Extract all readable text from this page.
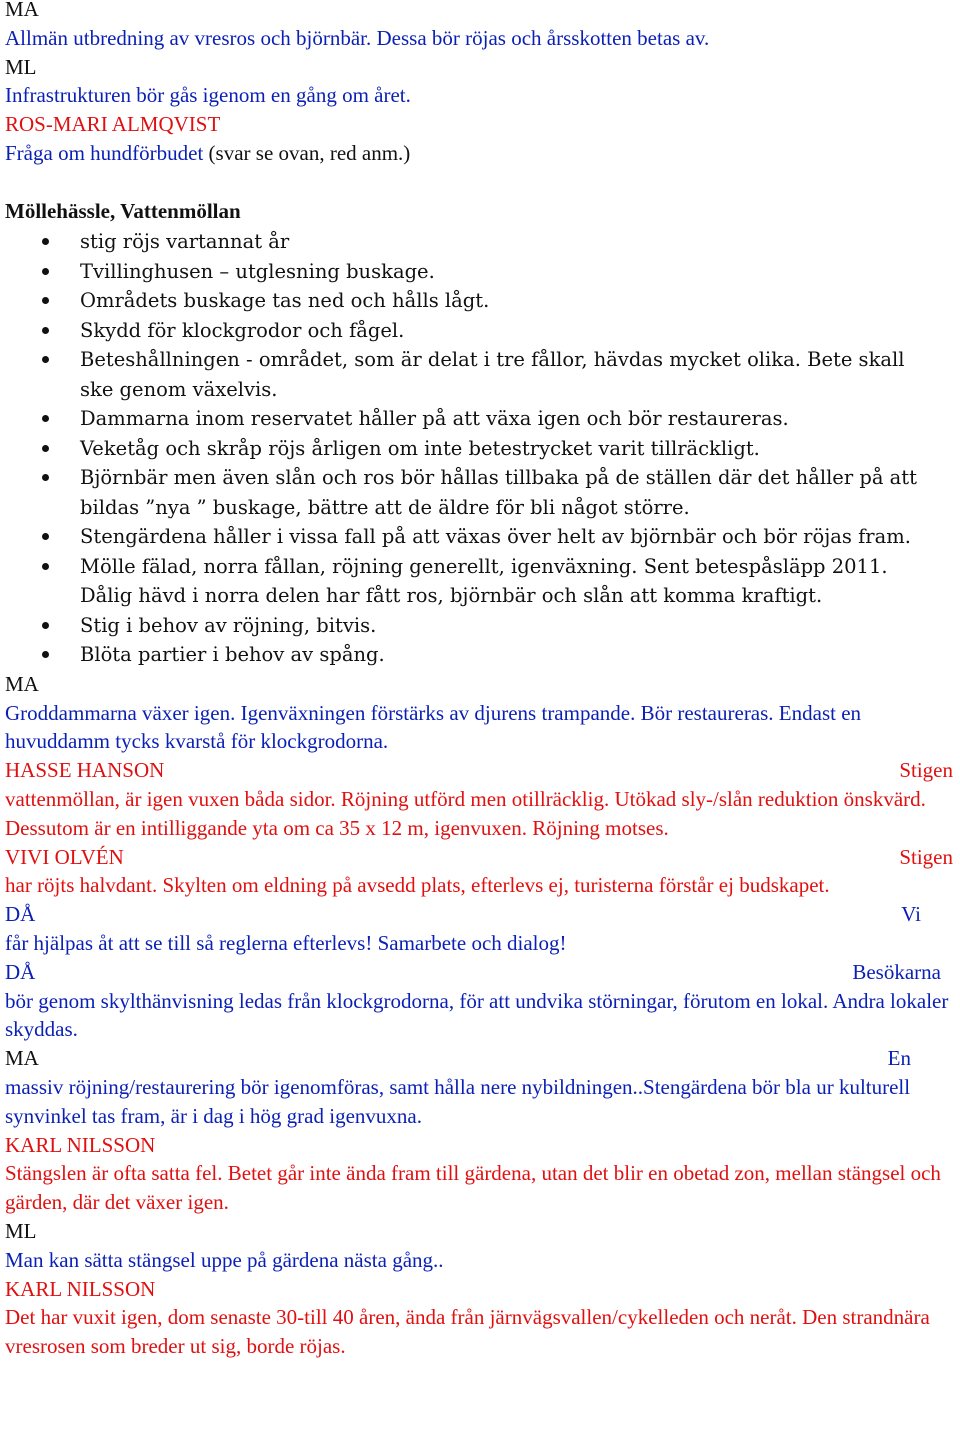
MA
Allmän utbredning av vresros och björnbär. Dessa bör röjas och årsskotten betas av.
ML
Infrastrukturen bör gås igenom en gång om året.
ROS-MARI ALMQVIST
Fråga om hundförbudet (svar se ovan, red anm.)
Möllehässle, Vattenmöllan
stig röjs vartannat år
Tvillinghusen – utglesning buskage.
Områdets buskage tas ned och hålls lågt.
Skydd för klockgrodor och fågel.
Beteshållningen - området, som är delat i tre fållor, hävdas mycket olika. Bete skall ske genom växelvis.
Dammarna inom reservatet håller på att växa igen och bör restaureras.
Veketåg och skråp röjs årligen om inte betestrycket varit tillräckligt.
Björnbär men även slån och ros bör hållas tillbaka på de ställen där det håller på att bildas ”nya ” buskage, bättre att de äldre för bli något större.
Stengärdena håller i vissa fall på att växas över helt av björnbär och bör röjas fram.
Mölle fälad, norra fållan, röjning generellt, igenväxning. Sent betespåsläpp 2011. Dålig hävd i norra delen har fått ros, björnbär och slån att komma kraftigt.
Stig i behov av röjning, bitvis.
Blöta partier i behov av spång.
MA
Groddammarna växer igen. Igenväxningen förstärks av djurens trampande. Bör restaureras. Endast en huvuddamm tycks kvarstå för klockgrodorna.
HASSE HANSON	Stigen
vattenmöllan, är igen vuxen båda sidor. Röjning utförd men otillräcklig. Utökad sly-/slån reduktion önskvärd. Dessutom är en intilliggande yta om ca 35 x 12 m, igenvuxen. Röjning motses.
VIVI OLVÉN	Stigen
har röjts halvdant. Skylten om eldning på avsedd plats, efterlevs ej, turisterna förstår ej budskapet.
DÅ	Vi
får hjälpas åt att se till så reglerna efterlevs! Samarbete och dialog!
DÅ	Besökarna
bör genom skylthänvisning ledas från klockgrodorna, för att undvika störningar, förutom en lokal. Andra lokaler skyddas.
MA	En
massiv röjning/restaurering bör igenomföras, samt hålla nere nybildningen..Stengärdena bör bla ur kulturell synvinkel tas fram, är i dag i hög grad igenvuxna.
KARL NILSSON
Stängslen är ofta satta fel. Betet går inte ända fram till gärdena, utan det blir en obetad zon, mellan stängsel och gärden, där det växer igen.
ML
Man kan sätta stängsel uppe på gärdena nästa gång..
KARL NILSSON
Det har vuxit igen, dom senaste 30-till 40 åren, ända från järnvägsvallen/cykelleden och neråt. Den strandnära vresrosen som breder ut sig, borde röjas.
